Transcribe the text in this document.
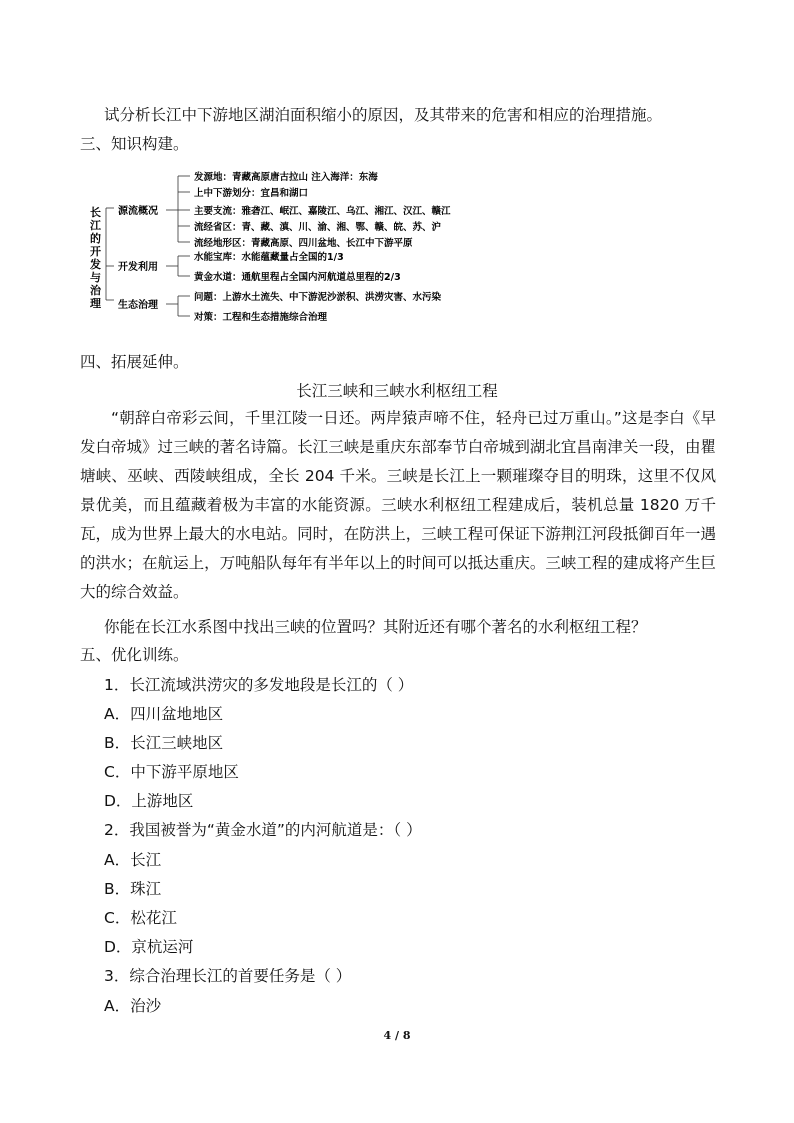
试分析长江中下游地区湖泊面积缩小的原因，及其带来的危害和相应的治理措施。
三、知识构建。
长江的开发与治理
源流概况
开发利用
生态治理
发源地：青藏高原唐古拉山 注入海洋：东海
上中下游划分：宜昌和湖口
主要支流：雅砻江、岷江、嘉陵江、乌江、湘江、汉江、赣江
流经省区：青、藏、滇、川、渝、湘、鄂、赣、皖、苏、沪
流经地形区：青藏高原、四川盆地、长江中下游平原
水能宝库：水能蕴藏量占全国的1/3
黄金水道：通航里程占全国内河航道总里程的2/3
问题：上游水土流失、中下游泥沙淤积、洪涝灾害、水污染
对策：工程和生态措施综合治理
四、拓展延伸。
长江三峡和三峡水利枢纽工程

“朝辞白帝彩云间，千里江陵一日还。两岸猿声啼不住，轻舟已过万重山。”这是李白《早发白帝城》过三峡的著名诗篇。长江三峡是重庆东部奉节白帝城到湖北宜昌南津关一段，由瞿塘峡、巫峡、西陵峡组成，全长 204 千米。三峡是长江上一颗璀璨夺目的明珠，这里不仅风景优美，而且蕴藏着极为丰富的水能资源。三峡水利枢纽工程建成后，装机总量 1820 万千瓦，成为世界上最大的水电站。同时，在防洪上，三峡工程可保证下游荆江河段抵御百年一遇的洪水；在航运上，万吨船队每年有半年以上的时间可以抵达重庆。三峡工程的建成将产生巨大的综合效益。

你能在长江水系图中找出三峡的位置吗？其附近还有哪个著名的水利枢纽工程？
五、优化训练。
1．长江流域洪涝灾的多发地段是长江的（ ）
A．四川盆地地区
B．长江三峡地区
C．中下游平原地区
D．上游地区
2．我国被誉为“黄金水道”的内河航道是：（ ）
A．长江
B．珠江
C．松花江
D．京杭运河
3．综合治理长江的首要任务是（ ）
A．治沙
4 / 8
